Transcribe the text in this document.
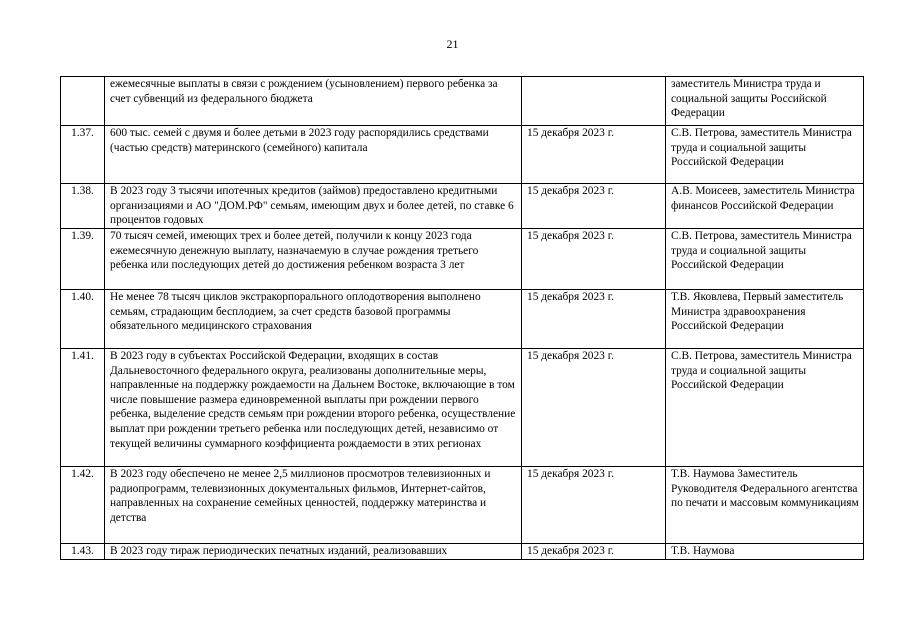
21
	ежемесячные выплаты в связи с рождением (усыновлением) первого ребенка за счет субвенций из федерального бюджета		заместитель Министра труда и социальной защиты Российской Федерации
1.37.	600 тыс. семей с двумя и более детьми в 2023 году распорядились средствами (частью средств) материнского (семейного) капитала	15 декабря 2023 г.	С.В. Петрова, заместитель Министра труда и социальной защиты Российской Федерации
1.38.	В 2023 году 3 тысячи ипотечных кредитов (займов) предоставлено кредитными организациями и АО "ДОМ.РФ" семьям, имеющим двух и более детей, по ставке 6 процентов годовых	15 декабря 2023 г.	А.В. Моисеев, заместитель Министра финансов Российской Федерации
1.39.	70 тысяч семей, имеющих трех и более детей, получили к концу 2023 года ежемесячную денежную выплату, назначаемую в случае рождения третьего ребенка или последующих детей до достижения ребенком возраста 3 лет	15 декабря 2023 г.	С.В. Петрова, заместитель Министра труда и социальной защиты Российской Федерации
1.40.	Не менее 78 тысяч циклов экстракорпорального оплодотворения выполнено семьям, страдающим бесплодием, за счет средств базовой программы обязательного медицинского страхования	15 декабря 2023 г.	Т.В. Яковлева, Первый заместитель Министра здравоохранения Российской Федерации
1.41.	В 2023 году в субъектах Российской Федерации, входящих в состав Дальневосточного федерального округа, реализованы дополнительные меры, направленные на поддержку рождаемости на Дальнем Востоке, включающие в том числе повышение размера единовременной выплаты при рождении первого ребенка, выделение средств семьям при рождении второго ребенка, осуществление выплат при рождении третьего ребенка или последующих детей, независимо от текущей величины суммарного коэффициента рождаемости в этих регионах	15 декабря 2023 г.	С.В. Петрова, заместитель Министра труда и социальной защиты Российской Федерации
1.42.	В 2023 году обеспечено не менее 2,5 миллионов просмотров телевизионных и радиопрограмм, телевизионных документальных фильмов, Интернет-сайтов, направленных на сохранение семейных ценностей, поддержку материнства и детства	15 декабря 2023 г.	Т.В. Наумова Заместитель Руководителя Федерального агентства по печати и массовым коммуникациям
1.43.	В 2023 году тираж периодических печатных изданий, реализовавших	15 декабря 2023 г.	Т.В. Наумова
